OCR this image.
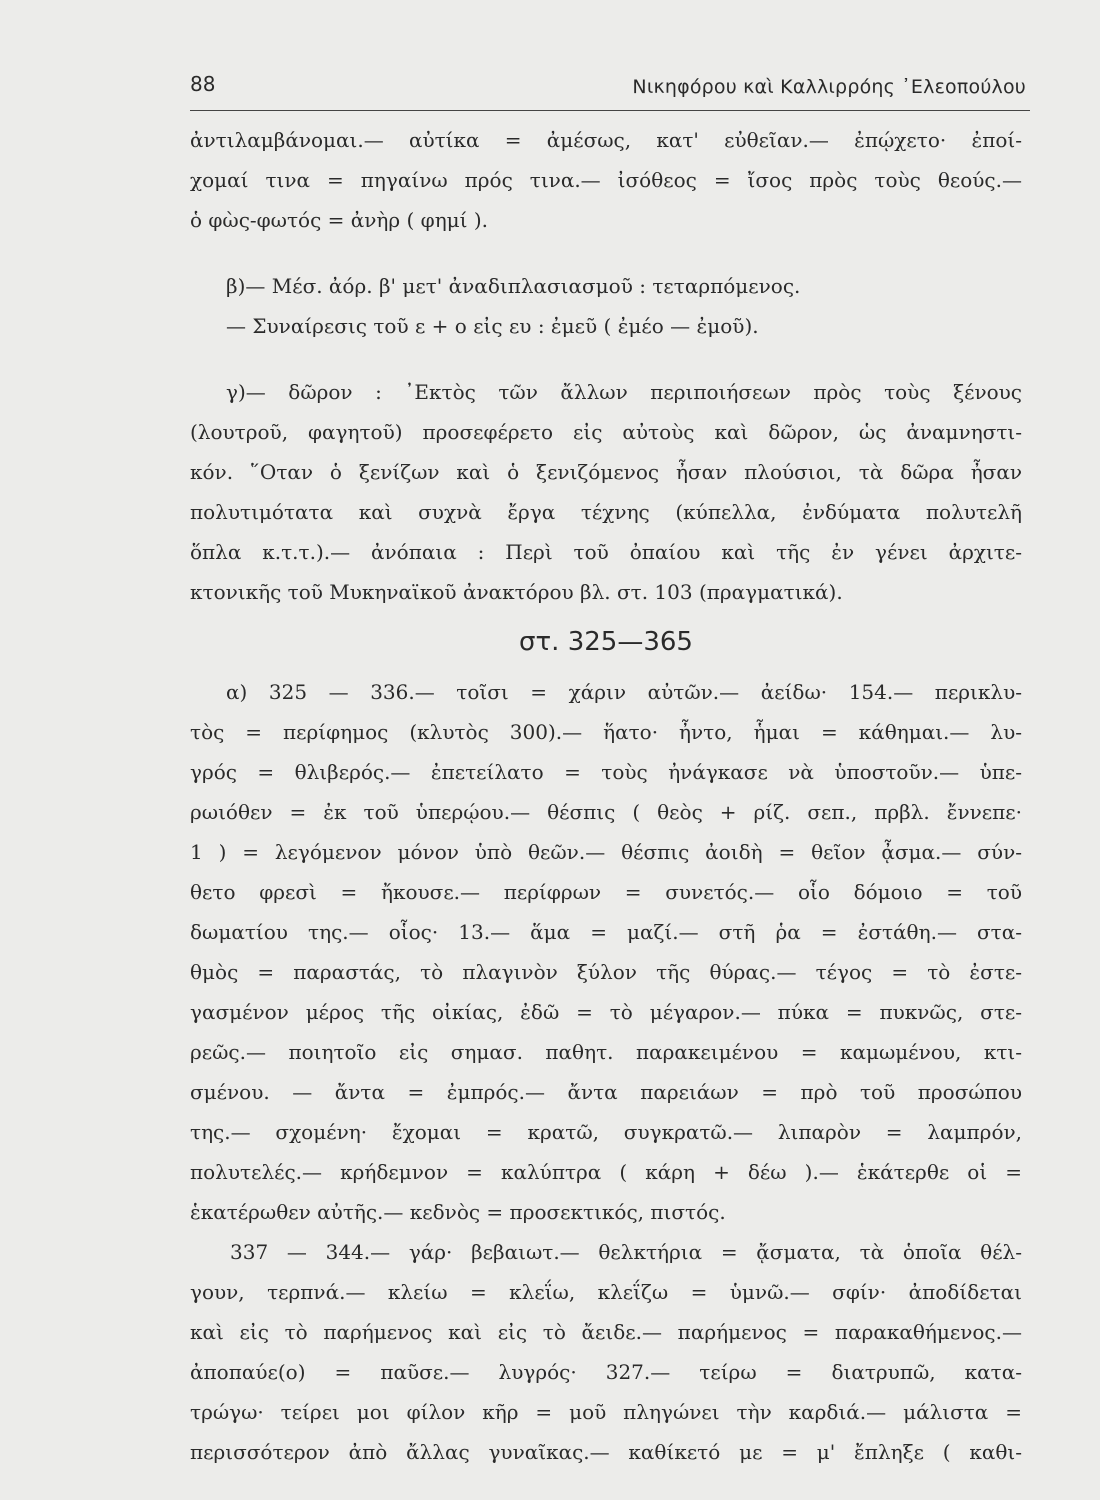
88	Νικηφόρου καὶ Καλλιρρόης ᾿Ελεοπούλου
στ. 325—365
ἀντιλαμβάνομαι.— αὐτίκα = ἀμέσως, κατ' εὐθεῖαν.— ἐπῴχετο· ἐποί-
χομαί τινα = πηγαίνω πρός τινα.— ἰσόθεος = ἴσος πρὸς τοὺς θεούς.—
ὁ φὼς-φωτός = ἀνὴρ ( φημί ).
β)— Μέσ. ἀόρ. β' μετ' ἀναδιπλασιασμοῦ : τεταρπόμενος.
— Συναίρεσις τοῦ ε + ο εἰς ευ : ἐμεῦ ( ἐμέο — ἐμοῦ).
γ)— δῶρον : ᾿Εκτὸς τῶν ἄλλων περιποιήσεων πρὸς τοὺς ξένους
(λουτροῦ, φαγητοῦ) προσεφέρετο εἰς αὐτοὺς καὶ δῶρον, ὡς ἀναμνηστι-
κόν. ῞Οταν ὁ ξενίζων καὶ ὁ ξενιζόμενος ἦσαν πλούσιοι, τὰ δῶρα ἦσαν
πολυτιμότατα καὶ συχνὰ ἔργα τέχνης (κύπελλα, ἐνδύματα πολυτελῆ
ὅπλα κ.τ.τ.).— ἀνόπαια : Περὶ τοῦ ὀπαίου καὶ τῆς ἐν γένει ἀρχιτε-
κτονικῆς τοῦ Μυκηναϊκοῦ ἀνακτόρου βλ. στ. 103 (πραγματικά).
α) 325 — 336.— τοῖσι = χάριν αὐτῶν.— ἀείδω· 154.— περικλυ-
τὸς = περίφημος (κλυτὸς 300).— ἥατο· ἦντο, ἧμαι = κάθημαι.— λυ-
γρός = θλιβερός.— ἐπετείλατο = τοὺς ἠνάγκασε νὰ ὑποστοῦν.— ὑπε-
ρωιόθεν = ἐκ τοῦ ὑπερῴου.— θέσπις ( θεὸς + ρίζ. σεπ., πρβλ. ἔννεπε·
1 ) = λεγόμενον μόνον ὑπὸ θεῶν.— θέσπις ἀοιδὴ = θεῖον ᾆσμα.— σύν-
θετο φρεσὶ = ἤκουσε.— περίφρων = συνετός.— οἷο δόμοιο = τοῦ
δωματίου της.— οἷος· 13.— ἅμα = μαζί.— στῆ ῥα = ἐστάθη.— στα-
θμὸς = παραστάς, τὸ πλαγινὸν ξύλον τῆς θύρας.— τέγος = τὸ ἐστε-
γασμένον μέρος τῆς οἰκίας, ἐδῶ = τὸ μέγαρον.— πύκα = πυκνῶς, στε-
ρεῶς.— ποιητοῖο εἰς σημασ. παθητ. παρακειμένου = καμωμένου, κτι-
σμένου. — ἄντα = ἐμπρός.— ἄντα παρειάων = πρὸ τοῦ προσώπου
της.— σχομένη· ἔχομαι = κρατῶ, συγκρατῶ.— λιπαρὸν = λαμπρόν,
πολυτελές.— κρήδεμνον = καλύπτρα ( κάρη + δέω ).— ἑκάτερθε οἱ =
ἑκατέρωθεν αὐτῆς.— κεδνὸς = προσεκτικός, πιστός.
337 — 344.— γάρ· βεβαιωτ.— θελκτήρια = ᾄσματα, τὰ ὁποῖα θέλ-
γουν, τερπνά.— κλείω = κλεΐω, κλεΐζω = ὑμνῶ.— σφίν· ἀποδίδεται
καὶ εἰς τὸ παρήμενος καὶ εἰς τὸ ἄειδε.— παρήμενος = παρακαθήμενος.—
ἀποπαύε(ο) = παῦσε.— λυγρός· 327.— τείρω = διατρυπῶ, κατα-
τρώγω· τείρει μοι φίλον κῆρ = μοῦ πληγώνει τὴν καρδιά.— μάλιστα =
περισσότερον ἀπὸ ἄλλας γυναῖκας.— καθίκετό με = μ' ἔπληξε ( καθι-
